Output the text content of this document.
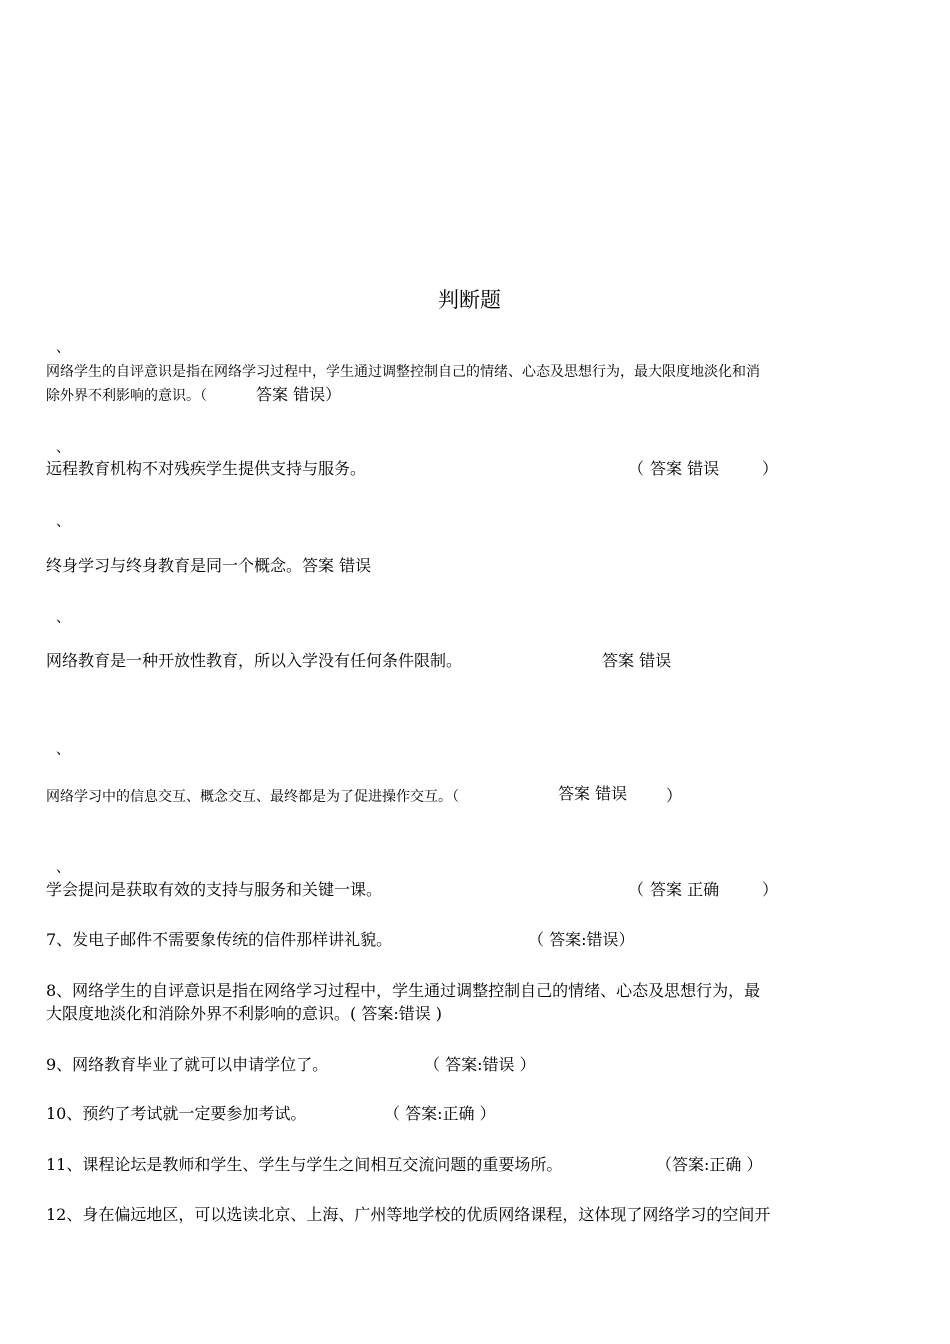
判断题
、
网络学生的自评意识是指在网络学习过程中，学生通过调整控制自己的情绪、心态及思想行为，最大限度地淡化和消
除外界不利影响的意识。（	答案 错误）
、
远程教育机构不对残疾学生提供支持与服务。	（ 答案 错误	）
、
终身学习与终身教育是同一个概念。答案 错误
、
网络教育是一种开放性教育，所以入学没有任何条件限制。	答案 错误
、
网络学习中的信息交互、概念交互、最终都是为了促进操作交互。（	答案 错误 ）
、
学会提问是获取有效的支持与服务和关键一课。	（ 答案 正确	）
7、发电子邮件不需要象传统的信件那样讲礼貌。	（ 答案:错误）
8、网络学生的自评意识是指在网络学习过程中，学生通过调整控制自己的情绪、心态及思想行为，最
大限度地淡化和消除外界不利影响的意识。( 答案:错误 )
9、网络教育毕业了就可以申请学位了。	（ 答案:错误 ）
10、预约了考试就一定要参加考试。	（ 答案:正确 ）
11、课程论坛是教师和学生、学生与学生之间相互交流问题的重要场所。	（答案:正确 ）
12、身在偏远地区，可以选读北京、上海、广州等地学校的优质网络课程，这体现了网络学习的空间开
